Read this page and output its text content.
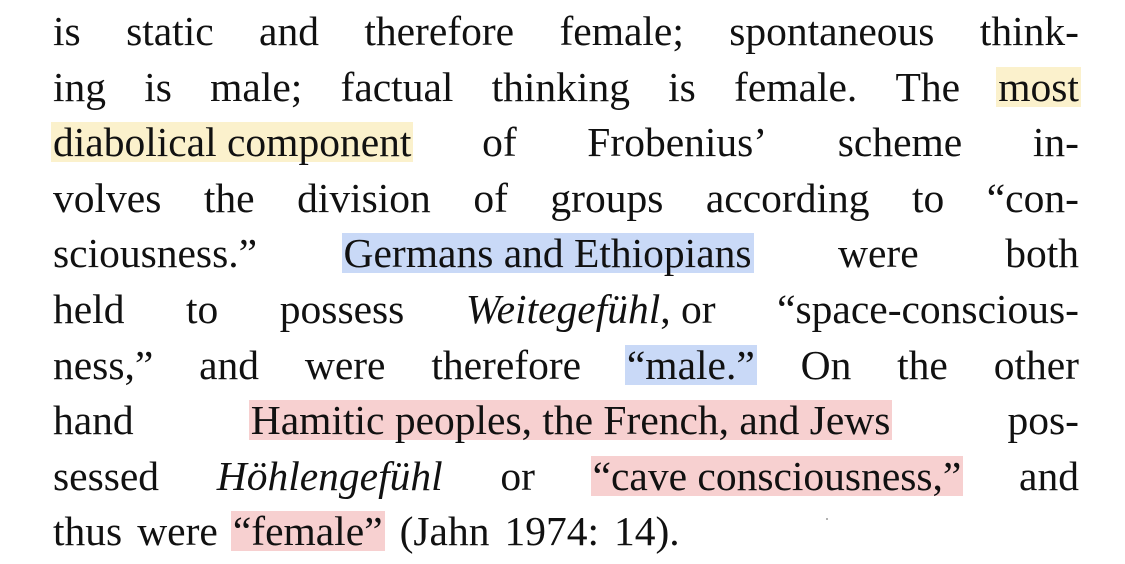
is static and therefore female; spontaneous think-
ing is male; factual thinking is female. The most
diabolical component of Frobenius’ scheme in-
volves the division of groups according to “con-
sciousness.” Germans and Ethiopians were both
held to possess Weitegefühl, or “space-conscious-
ness,” and were therefore “male.” On the other
hand	Hamitic peoples, the French, and Jews	pos-
sessed Höhlengefühl or “cave consciousness,” and
thus were “female” (Jahn 1974: 14).
